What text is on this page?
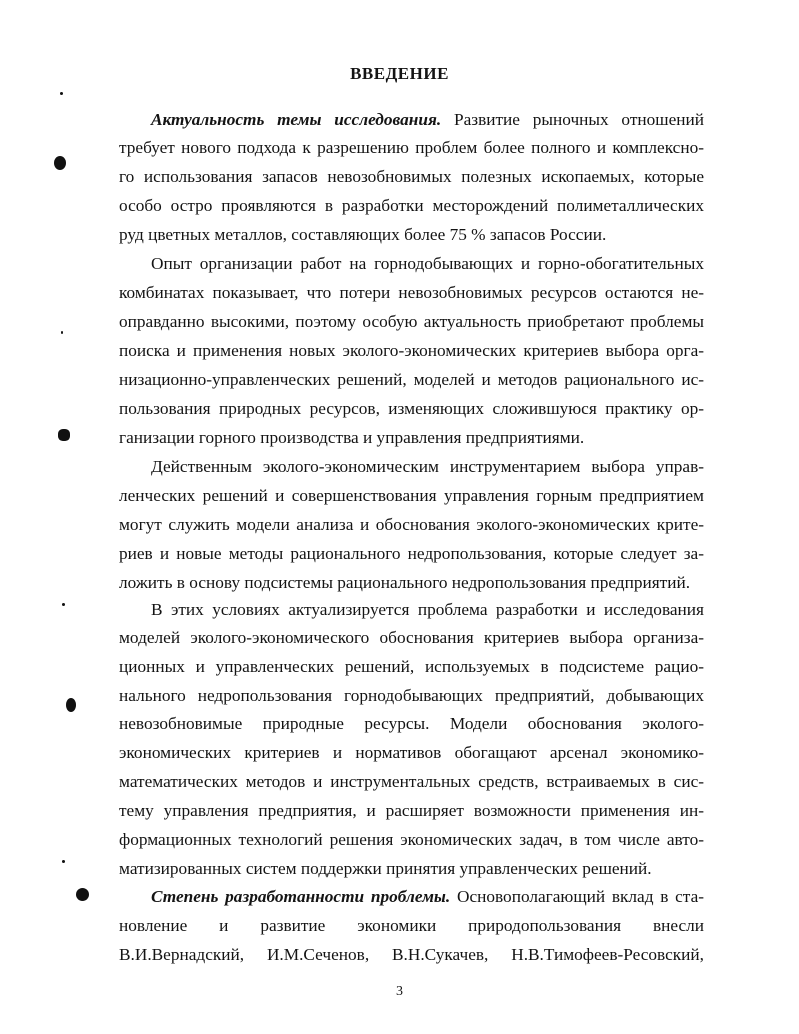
ВВЕДЕНИЕ
Актуальность темы исследования. Развитие рыночных отношений
требует нового подхода к разрешению проблем более полного и комплексно-
го использования запасов невозобновимых полезных ископаемых, которые
особо остро проявляются в разработки месторождений полиметаллических
руд цветных металлов, составляющих более 75 % запасов России.
Опыт организации работ на горнодобывающих и горно-обогатительных
комбинатах показывает, что потери невозобновимых ресурсов остаются не-
оправданно высокими, поэтому особую актуальность приобретают проблемы
поиска и применения новых эколого-экономических критериев выбора орга-
низационно-управленческих решений, моделей и методов рационального ис-
пользования природных ресурсов, изменяющих сложившуюся практику ор-
ганизации горного производства и управления предприятиями.
Действенным эколого-экономическим инструментарием выбора управ-
ленческих решений и совершенствования управления горным предприятием
могут служить модели анализа и обоснования эколого-экономических крите-
риев и новые методы рационального недропользования, которые следует за-
ложить в основу подсистемы рационального недропользования предприятий.
В этих условиях актуализируется проблема разработки и исследования
моделей эколого-экономического обоснования критериев выбора организа-
ционных и управленческих решений, используемых в подсистеме рацио-
нального недропользования горнодобывающих предприятий, добывающих
невозобновимые природные ресурсы. Модели обоснования эколого-
экономических критериев и нормативов обогащают арсенал экономико-
математических методов и инструментальных средств, встраиваемых в сис-
тему управления предприятия, и расширяет возможности применения ин-
формационных технологий решения экономических задач, в том числе авто-
матизированных систем поддержки принятия управленческих решений.
Степень разработанности проблемы. Основополагающий вклад в ста-
новление и развитие экономики природопользования внесли
В.И.Вернадский, И.М.Сеченов, В.Н.Сукачев, Н.В.Тимофеев-Ресовский,
3
